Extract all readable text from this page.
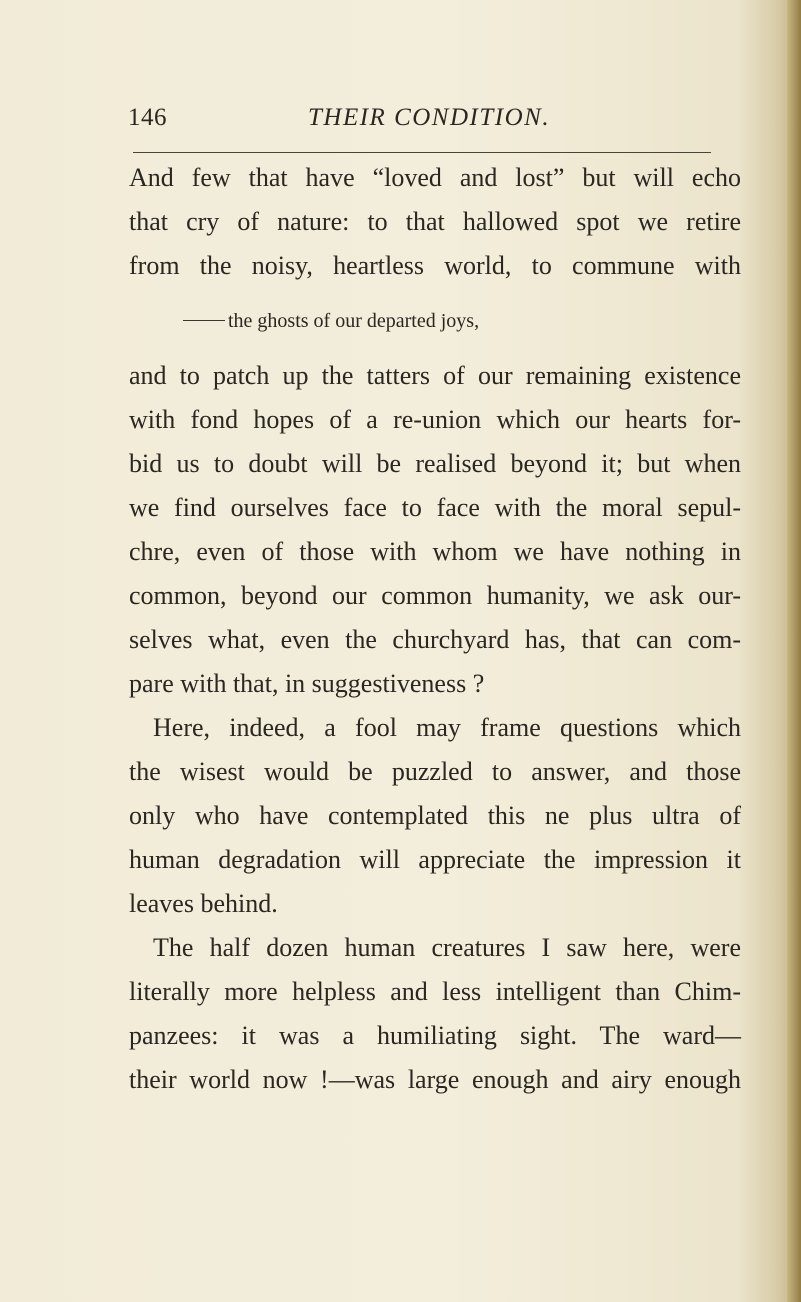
146	THEIR CONDITION.
And few that have “loved and lost” but will echo
that cry of nature: to that hallowed spot we retire
from the noisy, heartless world, to commune with
the ghosts of our departed joys,
and to patch up the tatters of our remaining existence
with fond hopes of a re-union which our hearts for-
bid us to doubt will be realised beyond it; but when
we find ourselves face to face with the moral sepul-
chre, even of those with whom we have nothing in
common, beyond our common humanity, we ask our-
selves what, even the churchyard has, that can com-
pare with that, in suggestiveness ?
Here, indeed, a fool may frame questions which
the wisest would be puzzled to answer, and those
only who have contemplated this ne plus ultra of
human degradation will appreciate the impression it
leaves behind.
The half dozen human creatures I saw here, were
literally more helpless and less intelligent than Chim-
panzees: it was a humiliating sight. The ward—
their world now !—was large enough and airy enough
